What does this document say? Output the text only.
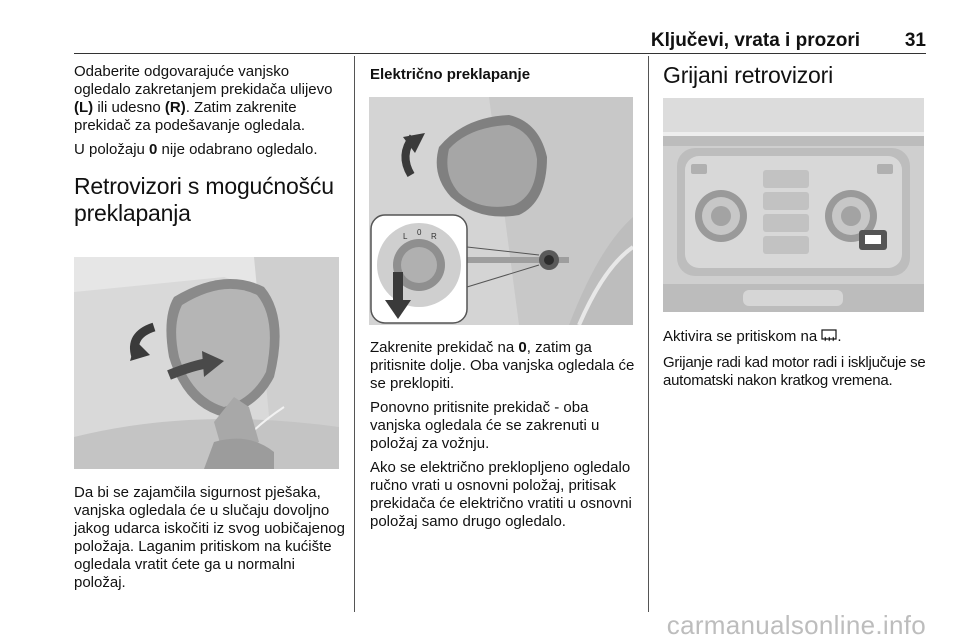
Ključevi, vrata i prozori 31

Odaberite odgovarajuće vanjsko ogledalo zakretanjem prekidača ulijevo (L) ili udesno (R). Zatim zakrenite prekidač za podešavanje ogledala.

U položaju 0 nije odabrano ogledalo.

Retrovizori s mogućnošću preklapanja

Da bi se zajamčila sigurnost pješaka, vanjska ogledala će u slučaju dovoljno jakog udarca iskočiti iz svog uobičajenog položaja. Laganim pritiskom na kućište ogledala vratit ćete ga u normalni položaj.

Električno preklapanje
L 0 R

Zakrenite prekidač na 0, zatim ga pritisnite dolje. Oba vanjska ogledala će se preklopiti.

Ponovno pritisnite prekidač - oba vanjska ogledala će se zakrenuti u položaj za vožnju.

Ako se električno preklopljeno ogledalo ručno vrati u osnovni položaj, pritisak prekidača će električno vratiti u osnovni položaj samo drugo ogledalo.

Grijani retrovizori

Aktivira se pritiskom na .

Grijanje radi kad motor radi i isključuje se automatski nakon kratkog vremena.

carmanualsonline.info
